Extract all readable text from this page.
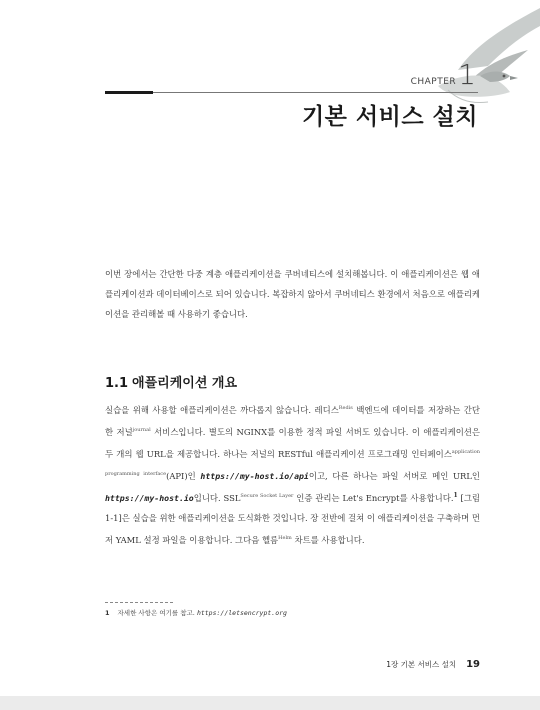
CHAPTER1
기본 서비스 설치

이번 장에서는 간단한 다중 계층 애플리케이션을 쿠버네티스에 설치해봅니다. 이 애플리케이션은 웹 애플리케이션과 데이터베이스로 되어 있습니다. 복잡하지 않아서 쿠버네티스 환경에서 처음으로 애플리케이션을 관리해볼 때 사용하기 좋습니다.

1.1 애플리케이션 개요

실습을 위해 사용할 애플리케이션은 까다롭지 않습니다. 레디스$^{Redis}$ 백엔드에 데이터를 저장하는 간단한 저널$^{journal}$ 서비스입니다. 별도의 NGINX를 이용한 정적 파일 서버도 있습니다. 이 애플리케이션은 두 개의 웹 URL을 제공합니다. 하나는 저널의 RESTful 애플리케이션 프로그래밍 인터페이스$^{application programming interface}$(API)인 https://my-host.io/api이고, 다른 하나는 파일 서버로 메인 URL인 https://my-host.io입니다. $SSL^{Secure Socket Layer}$ 인증 관리는 Let's Encrypt를 사용합니다.$^1$ [그림 1-1]은 실습을 위한 애플리케이션을 도식화한 것입니다. 장 전반에 걸쳐 이 애플리케이션을 구축하며 먼저 YAML 설정 파일을 이용합니다. 그다음 헬름$^{Helm}$ 차트를 사용합니다.

1 자세한 사항은 여기를 참고. https://letsencrypt.org

1장 기본 서비스 설치 19
